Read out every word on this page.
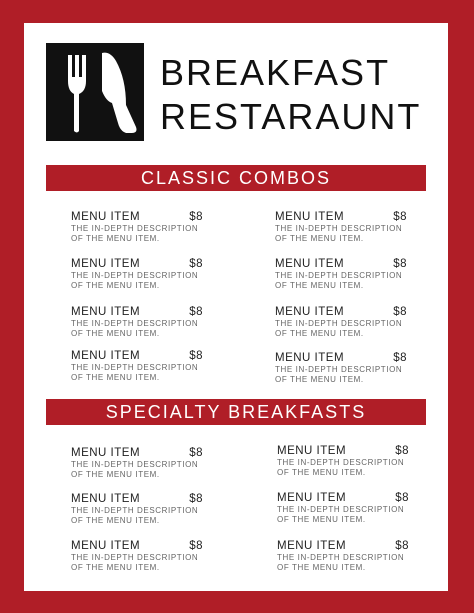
BREAKFAST
RESTARAUNT
CLASSIC COMBOS
MENU ITEM	$8
THE IN-DEPTH DESCRIPTION
OF THE MENU ITEM.
MENU ITEM	$8
THE IN-DEPTH DESCRIPTION
OF THE MENU ITEM.
MENU ITEM	$8
THE IN-DEPTH DESCRIPTION
OF THE MENU ITEM.
MENU ITEM	$8
THE IN-DEPTH DESCRIPTION
OF THE MENU ITEM.
MENU ITEM	$8
THE IN-DEPTH DESCRIPTION
OF THE MENU ITEM.
MENU ITEM	$8
THE IN-DEPTH DESCRIPTION
OF THE MENU ITEM.
MENU ITEM	$8
THE IN-DEPTH DESCRIPTION
OF THE MENU ITEM.
MENU ITEM	$8
THE IN-DEPTH DESCRIPTION
OF THE MENU ITEM.
SPECIALTY BREAKFASTS
MENU ITEM	$8
THE IN-DEPTH DESCRIPTION
OF THE MENU ITEM.
MENU ITEM	$8
THE IN-DEPTH DESCRIPTION
OF THE MENU ITEM.
MENU ITEM	$8
THE IN-DEPTH DESCRIPTION
OF THE MENU ITEM.
MENU ITEM	$8
THE IN-DEPTH DESCRIPTION
OF THE MENU ITEM.
MENU ITEM	$8
THE IN-DEPTH DESCRIPTION
OF THE MENU ITEM.
MENU ITEM	$8
THE IN-DEPTH DESCRIPTION
OF THE MENU ITEM.
